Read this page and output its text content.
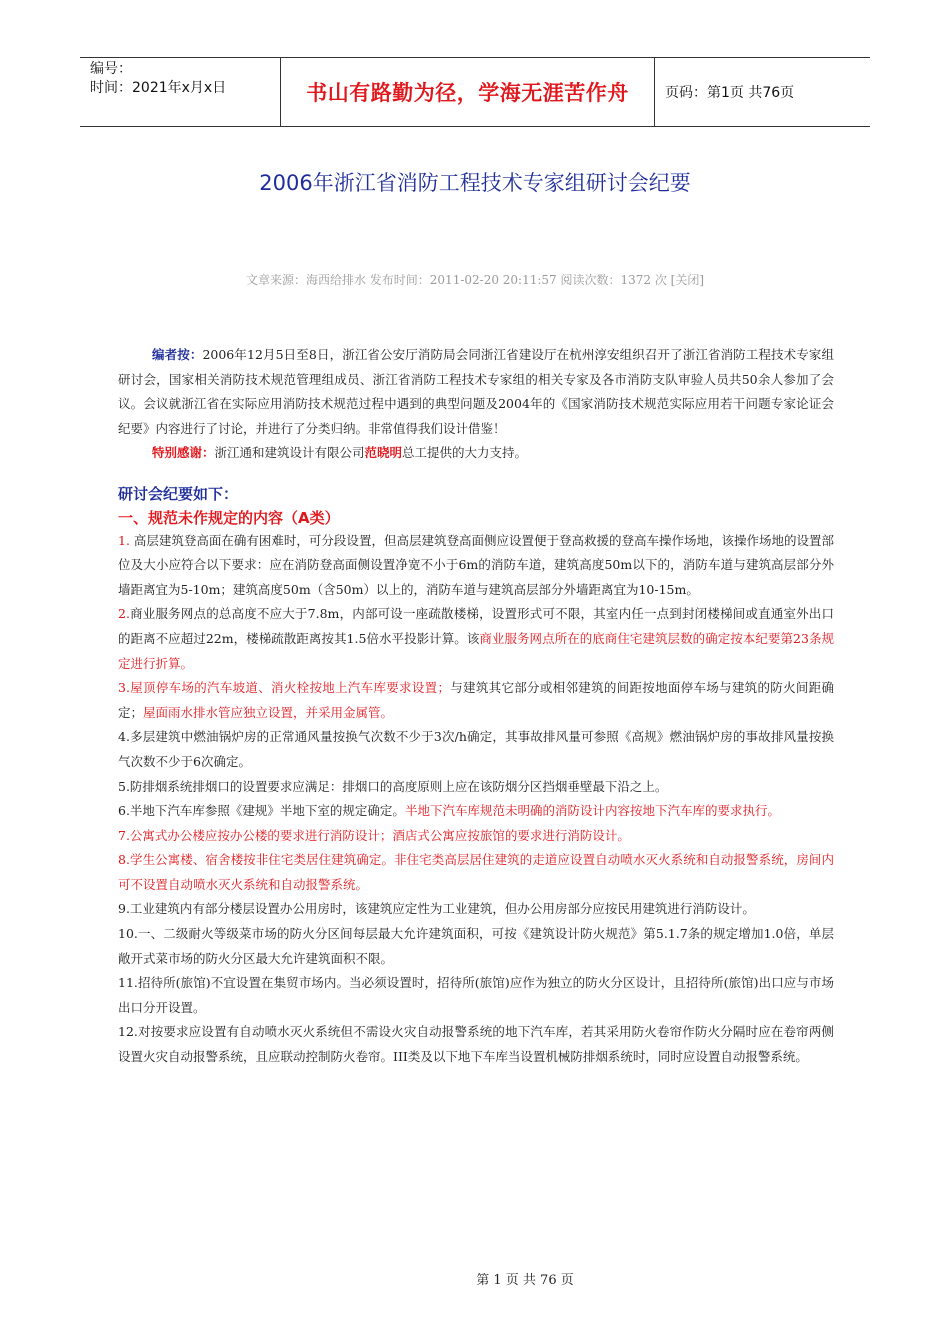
编号：
时间：2021年x月x日	书山有路勤为径，学海无涯苦作舟	页码：第1页 共76页
2006年浙江省消防工程技术专家组研讨会纪要
文章来源：海西给排水 发布时间：2011-02-20 20:11:57 阅读次数：1372 次 [关闭]

编者按：2006年12月5日至8日，浙江省公安厅消防局会同浙江省建设厅在杭州淳安组织召开了浙江省消防工程技术专家组研讨会，国家相关消防技术规范管理组成员、浙江省消防工程技术专家组的相关专家及各市消防支队审验人员共50余人参加了会议。会议就浙江省在实际应用消防技术规范过程中遇到的典型问题及2004年的《国家消防技术规范实际应用若干问题专家论证会纪要》内容进行了讨论，并进行了分类归纳。非常值得我们设计借鉴！

特别感谢：浙江通和建筑设计有限公司范晓明总工提供的大力支持。

研讨会纪要如下：

一、规范未作规定的内容（A类）

1. 高层建筑登高面在确有困难时，可分段设置，但高层建筑登高面侧应设置便于登高救援的登高车操作场地，该操作场地的设置部位及大小应符合以下要求：应在消防登高面侧设置净宽不小于6m的消防车道，建筑高度50m以下的，消防车道与建筑高层部分外墙距离宜为5-10m；建筑高度50m（含50m）以上的，消防车道与建筑高层部分外墙距离宜为10-15m。

2.商业服务网点的总高度不应大于7.8m，内部可设一座疏散楼梯，设置形式可不限，其室内任一点到封闭楼梯间或直通室外出口的距离不应超过22m，楼梯疏散距离按其1.5倍水平投影计算。该商业服务网点所在的底商住宅建筑层数的确定按本纪要第23条规定进行折算。

3.屋顶停车场的汽车坡道、消火栓按地上汽车库要求设置；与建筑其它部分或相邻建筑的间距按地面停车场与建筑的防火间距确定；屋面雨水排水管应独立设置，并采用金属管。

4.多层建筑中燃油锅炉房的正常通风量按换气次数不少于3次/h确定，其事故排风量可参照《高规》燃油锅炉房的事故排风量按换气次数不少于6次确定。

5.防排烟系统排烟口的设置要求应满足：排烟口的高度原则上应在该防烟分区挡烟垂壁最下沿之上。

6.半地下汽车库参照《建规》半地下室的规定确定。半地下汽车库规范未明确的消防设计内容按地下汽车库的要求执行。

7.公寓式办公楼应按办公楼的要求进行消防设计；酒店式公寓应按旅馆的要求进行消防设计。

8.学生公寓楼、宿舍楼按非住宅类居住建筑确定。非住宅类高层居住建筑的走道应设置自动喷水灭火系统和自动报警系统，房间内可不设置自动喷水灭火系统和自动报警系统。

9.工业建筑内有部分楼层设置办公用房时，该建筑应定性为工业建筑，但办公用房部分应按民用建筑进行消防设计。

10.一、二级耐火等级菜市场的防火分区间每层最大允许建筑面积，可按《建筑设计防火规范》第5.1.7条的规定增加1.0倍，单层敞开式菜市场的防火分区最大允许建筑面积不限。

11.招待所(旅馆)不宜设置在集贸市场内。当必须设置时，招待所(旅馆)应作为独立的防火分区设计，且招待所(旅馆)出口应与市场出口分开设置。

12.对按要求应设置有自动喷水灭火系统但不需设火灾自动报警系统的地下汽车库，若其采用防火卷帘作防火分隔时应在卷帘两侧设置火灾自动报警系统，且应联动控制防火卷帘。III类及以下地下车库当设置机械防排烟系统时，同时应设置自动报警系统。

第 1 页 共 76 页
